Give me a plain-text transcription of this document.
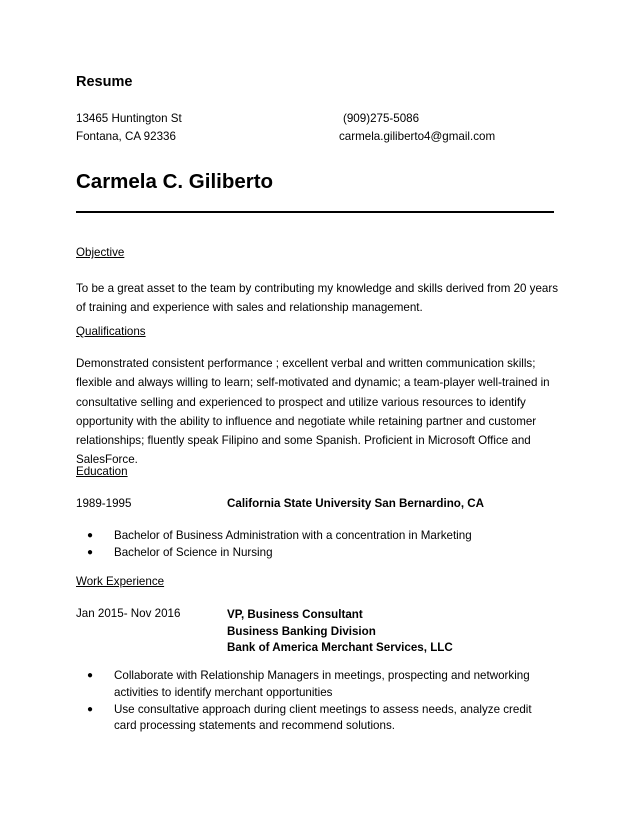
Resume
13465 Huntington St
Fontana, CA 92336
(909)275-5086
carmela.giliberto4@gmail.com
Carmela C. Giliberto
Objective
To be a great asset to the team by contributing my knowledge and skills derived from 20 years of training and experience with sales and relationship management.
Qualifications
Demonstrated consistent performance ; excellent verbal and written communication skills; flexible and always willing to learn; self-motivated and dynamic; a team-player well-trained in consultative selling and experienced to prospect and utilize various resources to identify opportunity with the ability to influence and negotiate while retaining partner and customer relationships; fluently speak Filipino and some Spanish. Proficient in Microsoft Office and SalesForce.
Education
1989-1995	California State University San Bernardino, CA
● Bachelor of Business Administration with a concentration in Marketing
● Bachelor of Science in Nursing
Work Experience
Jan 2015- Nov 2016	VP, Business Consultant
Business Banking Division
Bank of America Merchant Services, LLC
● Collaborate with Relationship Managers in meetings, prospecting and networking activities to identify merchant opportunities
● Use consultative approach during client meetings to assess needs, analyze credit card processing statements and recommend solutions.
